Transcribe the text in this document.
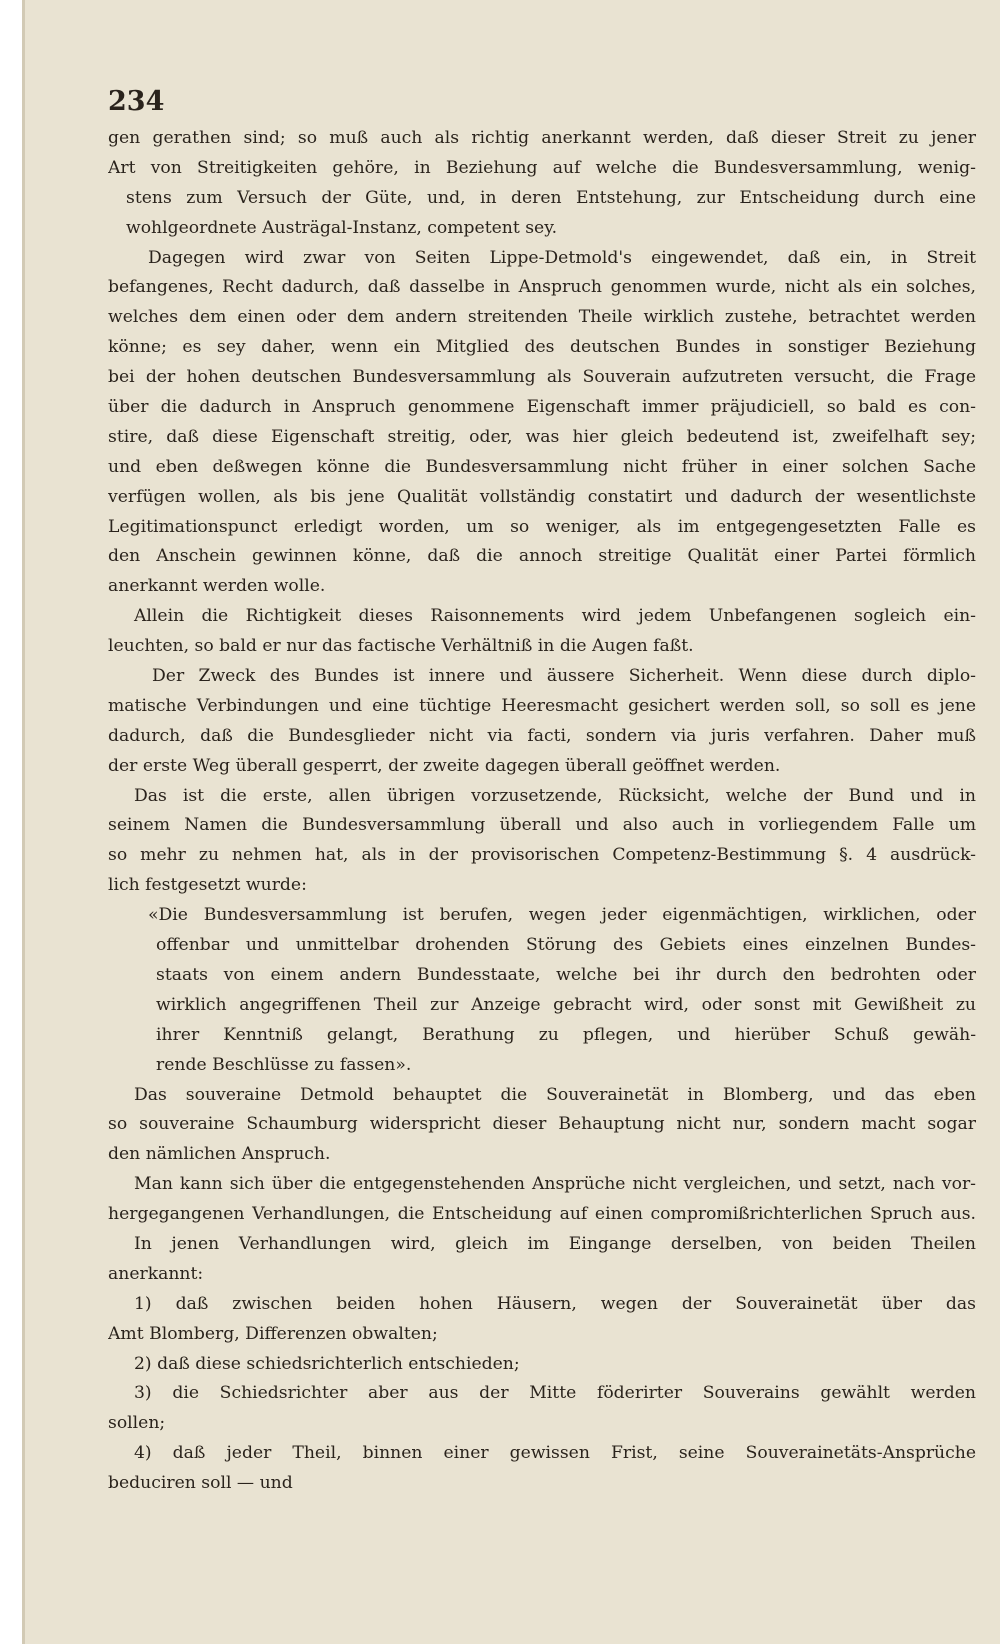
234
gen gerathen sind; so muß auch als richtig anerkannt werden, daß dieser Streit zu jener
Art von Streitigkeiten gehöre, in Beziehung auf welche die Bundesversammlung, wenig-
stens zum Versuch der Güte, und, in deren Entstehung, zur Entscheidung durch eine
wohlgeordnete Austrägal-Instanz, competent sey.
Dagegen wird zwar von Seiten Lippe-Detmold's eingewendet, daß ein, in Streit
befangenes, Recht dadurch, daß dasselbe in Anspruch genommen wurde, nicht als ein solches,
welches dem einen oder dem andern streitenden Theile wirklich zustehe, betrachtet werden
könne; es sey daher, wenn ein Mitglied des deutschen Bundes in sonstiger Beziehung
bei der hohen deutschen Bundesversammlung als Souverain aufzutreten versucht, die Frage
über die dadurch in Anspruch genommene Eigenschaft immer präjudiciell, so bald es con-
stire, daß diese Eigenschaft streitig, oder, was hier gleich bedeutend ist, zweifelhaft sey;
und eben deßwegen könne die Bundesversammlung nicht früher in einer solchen Sache
verfügen wollen, als bis jene Qualität vollständig constatirt und dadurch der wesentlichste
Legitimationspunct erledigt worden, um so weniger, als im entgegengesetzten Falle es
den Anschein gewinnen könne, daß die annoch streitige Qualität einer Partei förmlich
anerkannt werden wolle.
Allein die Richtigkeit dieses Raisonnements wird jedem Unbefangenen sogleich ein-
leuchten, so bald er nur das factische Verhältniß in die Augen faßt.
Der Zweck des Bundes ist innere und äussere Sicherheit. Wenn diese durch diplo-
matische Verbindungen und eine tüchtige Heeresmacht gesichert werden soll, so soll es jene
dadurch, daß die Bundesglieder nicht via facti, sondern via juris verfahren. Daher muß
der erste Weg überall gesperrt, der zweite dagegen überall geöffnet werden.
Das ist die erste, allen übrigen vorzusetzende, Rücksicht, welche der Bund und in
seinem Namen die Bundesversammlung überall und also auch in vorliegendem Falle um
so mehr zu nehmen hat, als in der provisorischen Competenz-Bestimmung §. 4 ausdrück-
lich festgesetzt wurde:
«Die Bundesversammlung ist berufen, wegen jeder eigenmächtigen, wirklichen, oder
offenbar und unmittelbar drohenden Störung des Gebiets eines einzelnen Bundes-
staats von einem andern Bundesstaate, welche bei ihr durch den bedrohten oder
wirklich angegriffenen Theil zur Anzeige gebracht wird, oder sonst mit Gewißheit zu
ihrer Kenntniß gelangt, Berathung zu pflegen, und hierüber Schuß gewäh-
rende Beschlüsse zu fassen».
Das souveraine Detmold behauptet die Souverainetät in Blomberg, und das eben
so souveraine Schaumburg widerspricht dieser Behauptung nicht nur, sondern macht sogar
den nämlichen Anspruch.
Man kann sich über die entgegenstehenden Ansprüche nicht vergleichen, und setzt, nach vor-
hergegangenen Verhandlungen, die Entscheidung auf einen compromißrichterlichen Spruch aus.
In jenen Verhandlungen wird, gleich im Eingange derselben, von beiden Theilen
anerkannt:
1) daß zwischen beiden hohen Häusern, wegen der Souverainetät über das
Amt Blomberg, Differenzen obwalten;
2) daß diese schiedsrichterlich entschieden;
3) die Schiedsrichter aber aus der Mitte föderirter Souverains gewählt werden
sollen;
4) daß jeder Theil, binnen einer gewissen Frist, seine Souverainetäts-Ansprüche
beduciren soll — und
